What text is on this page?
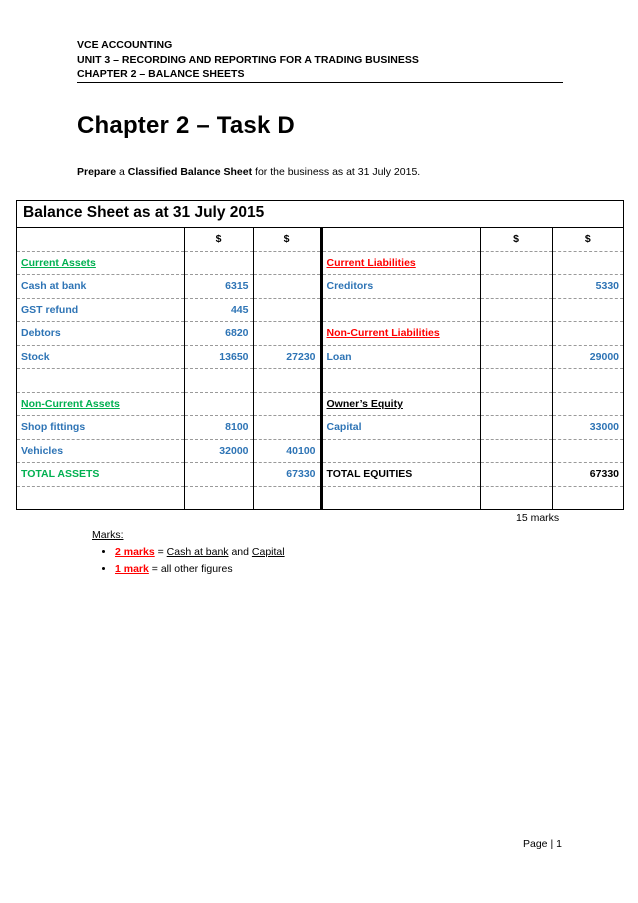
VCE ACCOUNTING
UNIT 3 – RECORDING AND REPORTING FOR A TRADING BUSINESS
CHAPTER 2 – BALANCE SHEETS
Chapter 2 – Task D
Prepare a Classified Balance Sheet for the business as at 31 July 2015.
Balance Sheet as at 31 July 2015
	$	$		$	$
Current Assets			Current Liabilities		
Cash at bank	6315		Creditors		5330
GST refund	445				
Debtors	6820		Non-Current Liabilities		
Stock	13650	27230	Loan		29000

Non-Current Assets			Owner’s Equity		
Shop fittings	8100		Capital		33000
Vehicles	32000	40100			
TOTAL ASSETS		67330	TOTAL EQUITIES		67330

15 marks
Marks:
• 2 marks = Cash at bank and Capital
• 1 mark = all other figures
Page | 1
